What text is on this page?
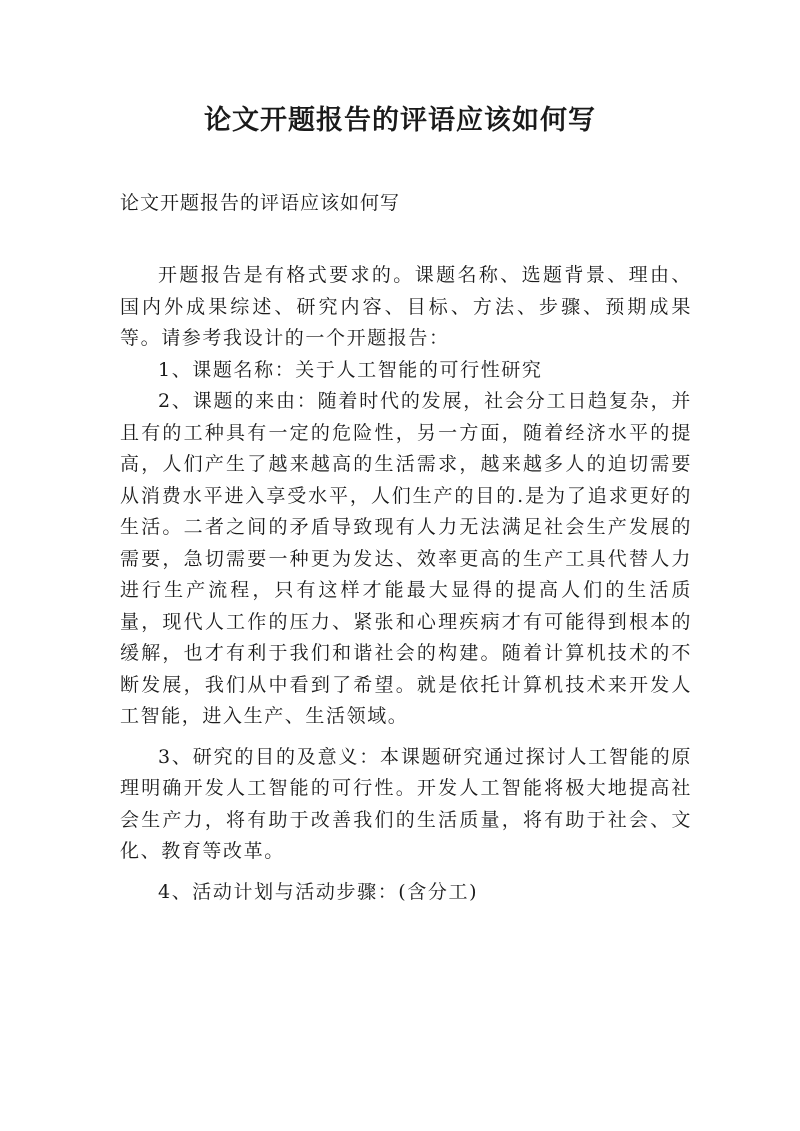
论文开题报告的评语应该如何写

论文开题报告的评语应该如何写

开题报告是有格式要求的。课题名称、选题背景、理由、国内外成果综述、研究内容、目标、方法、步骤、预期成果等。请参考我设计的一个开题报告：

1、课题名称：关于人工智能的可行性研究

2、课题的来由：随着时代的发展，社会分工日趋复杂，并且有的工种具有一定的危险性，另一方面，随着经济水平的提高，人们产生了越来越高的生活需求，越来越多人的迫切需要从消费水平进入享受水平，人们生产的目的.是为了追求更好的生活。二者之间的矛盾导致现有人力无法满足社会生产发展的需要，急切需要一种更为发达、效率更高的生产工具代替人力进行生产流程，只有这样才能最大显得的提高人们的生活质量，现代人工作的压力、紧张和心理疾病才有可能得到根本的缓解，也才有利于我们和谐社会的构建。随着计算机技术的不断发展，我们从中看到了希望。就是依托计算机技术来开发人工智能，进入生产、生活领域。

3、研究的目的及意义：本课题研究通过探讨人工智能的原理明确开发人工智能的可行性。开发人工智能将极大地提高社会生产力，将有助于改善我们的生活质量，将有助于社会、文化、教育等改革。

4、活动计划与活动步骤：(含分工)
